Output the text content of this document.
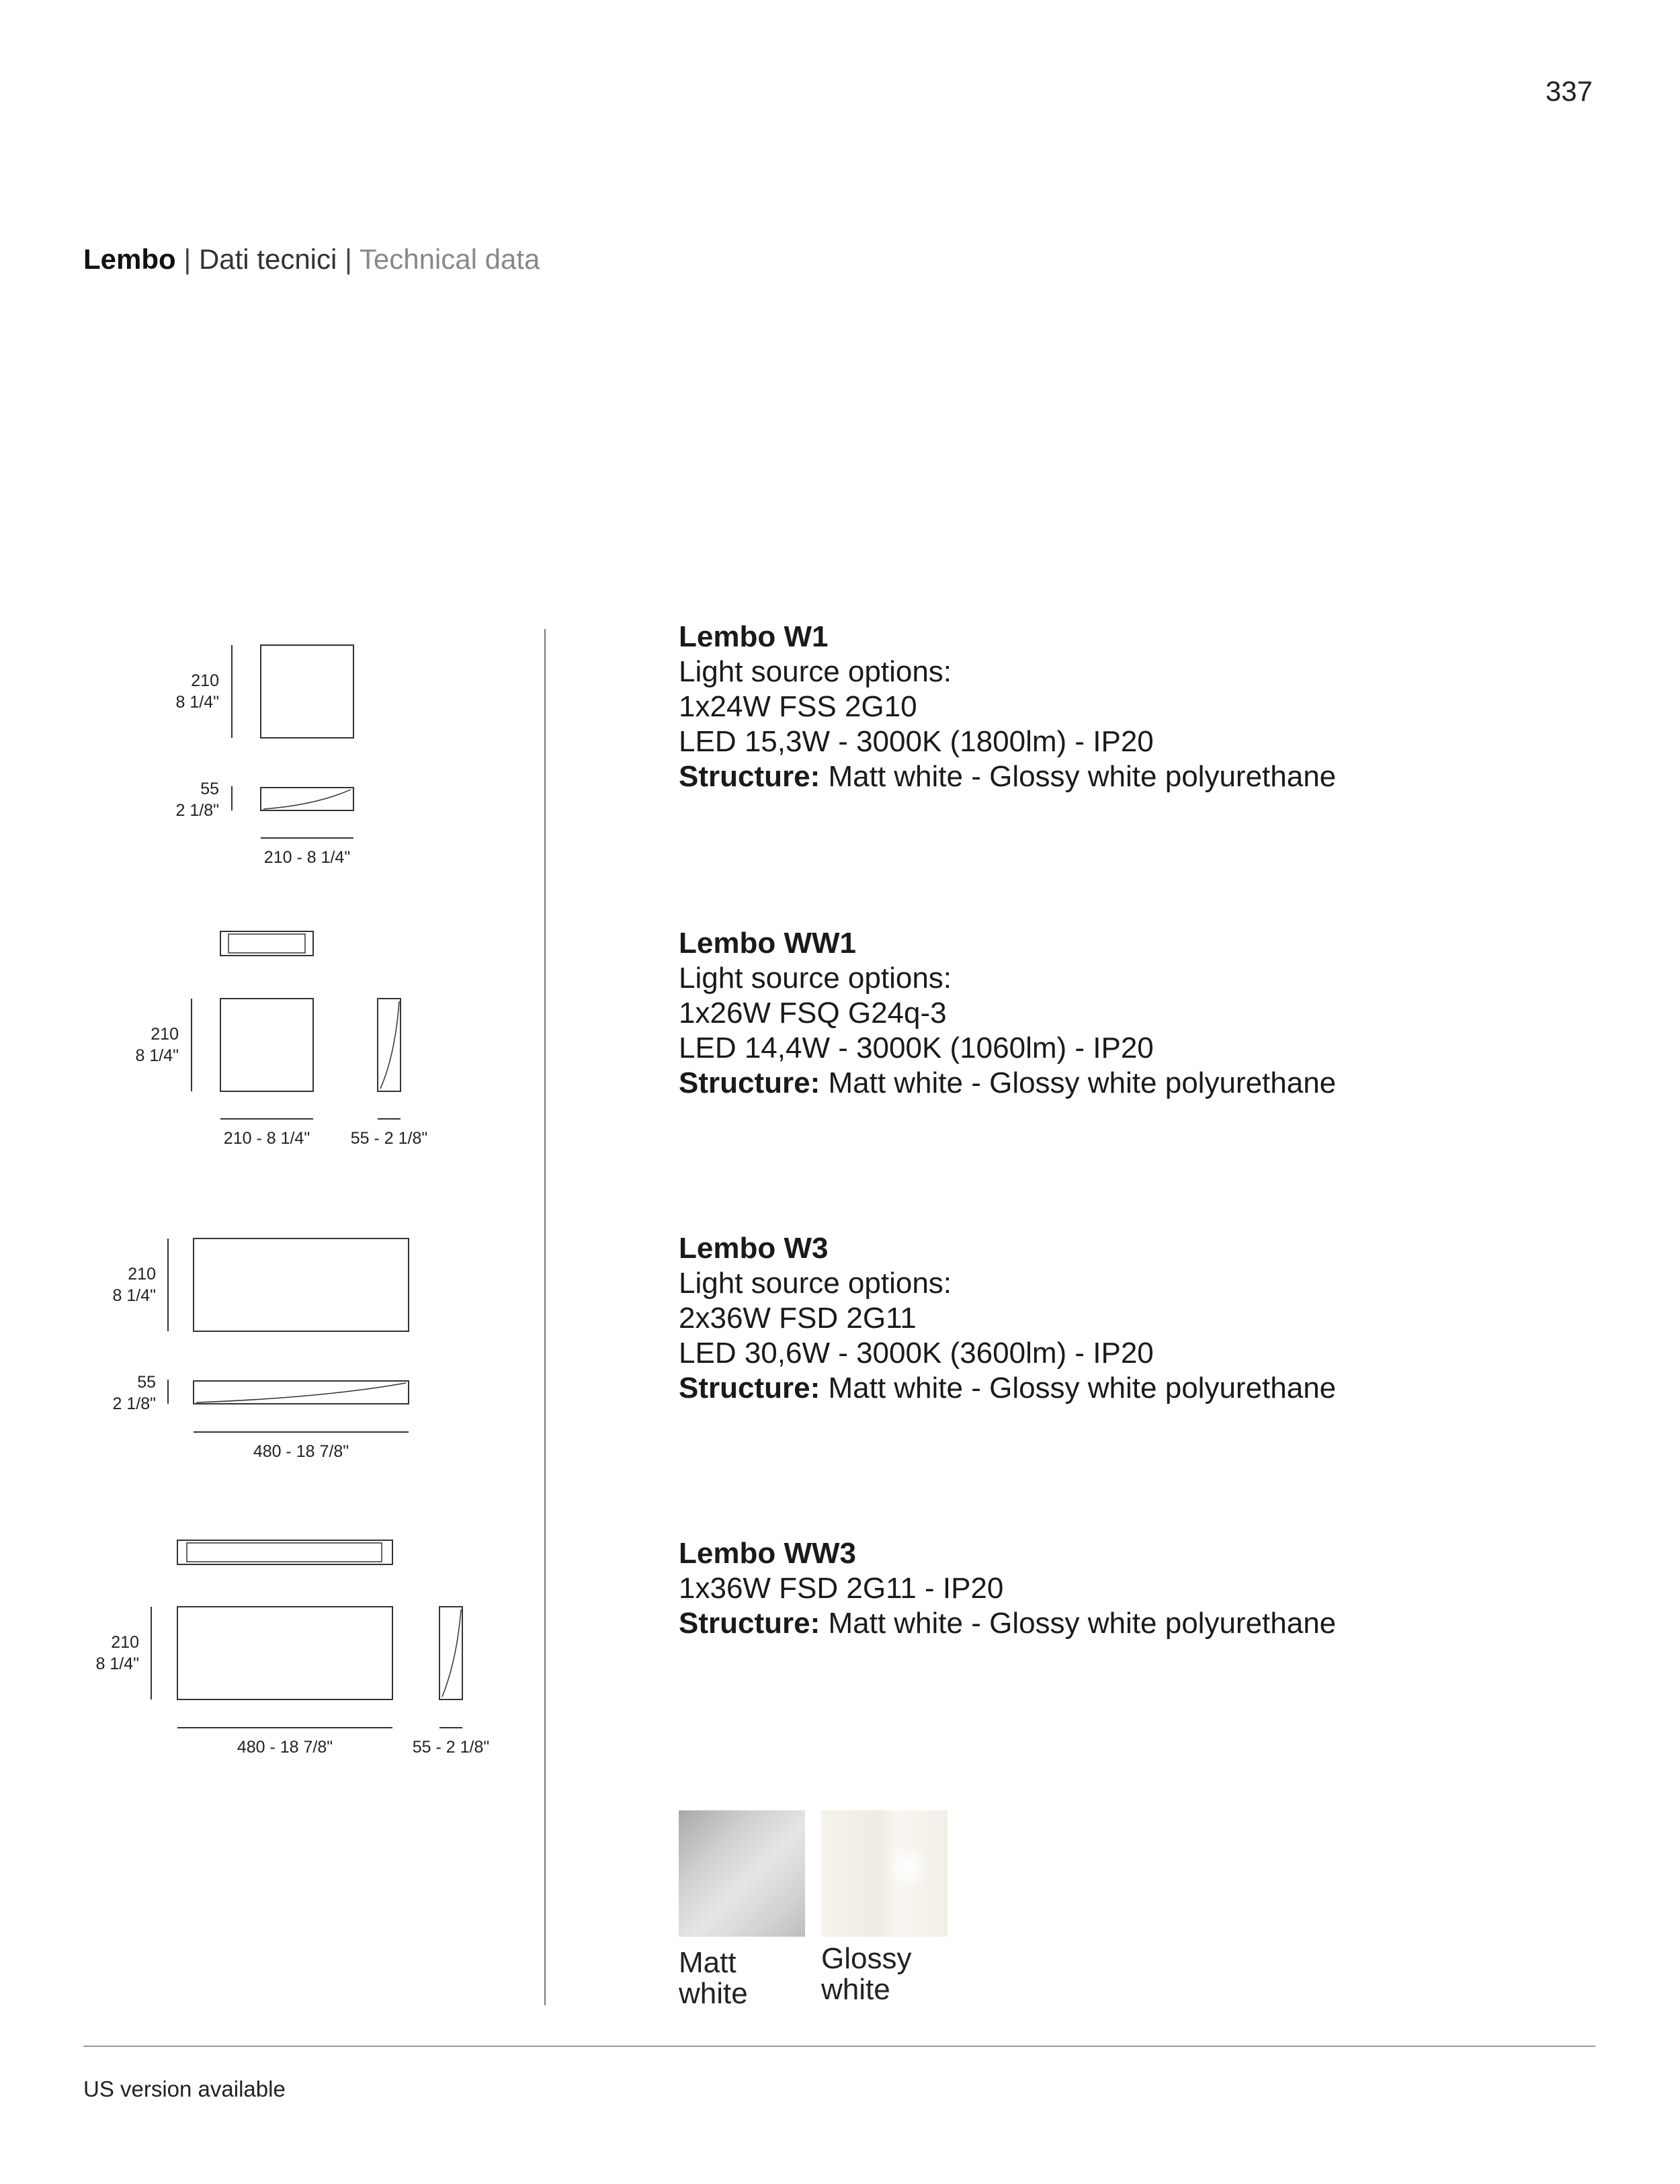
337
Lembo | Dati tecnici | Technical data
210
8 1/4"
55
2 1/8"
210 - 8 1/4"
210
8 1/4"
210 - 8 1/4" 55 - 2 1/8"
210
8 1/4"
55
2 1/8"
480 - 18 7/8"
210
8 1/4"
480 - 18 7/8"	55 - 2 1/8"
Lembo W1
Light source options:
1x24W FSS 2G10
LED 15,3W - 3000K (1800lm) - IP20
Structure: Matt white - Glossy white polyurethane
Lembo WW1
Light source options:
1x26W FSQ G24q-3
LED 14,4W - 3000K (1060lm) - IP20
Structure: Matt white - Glossy white polyurethane
Lembo W3
Light source options:
2x36W FSD 2G11
LED 30,6W - 3000K (3600lm) - IP20
Structure: Matt white - Glossy white polyurethane
Lembo WW3
1x36W FSD 2G11 - IP20
Structure: Matt white - Glossy white polyurethane
Matt
white
Glossy
white
US version available
